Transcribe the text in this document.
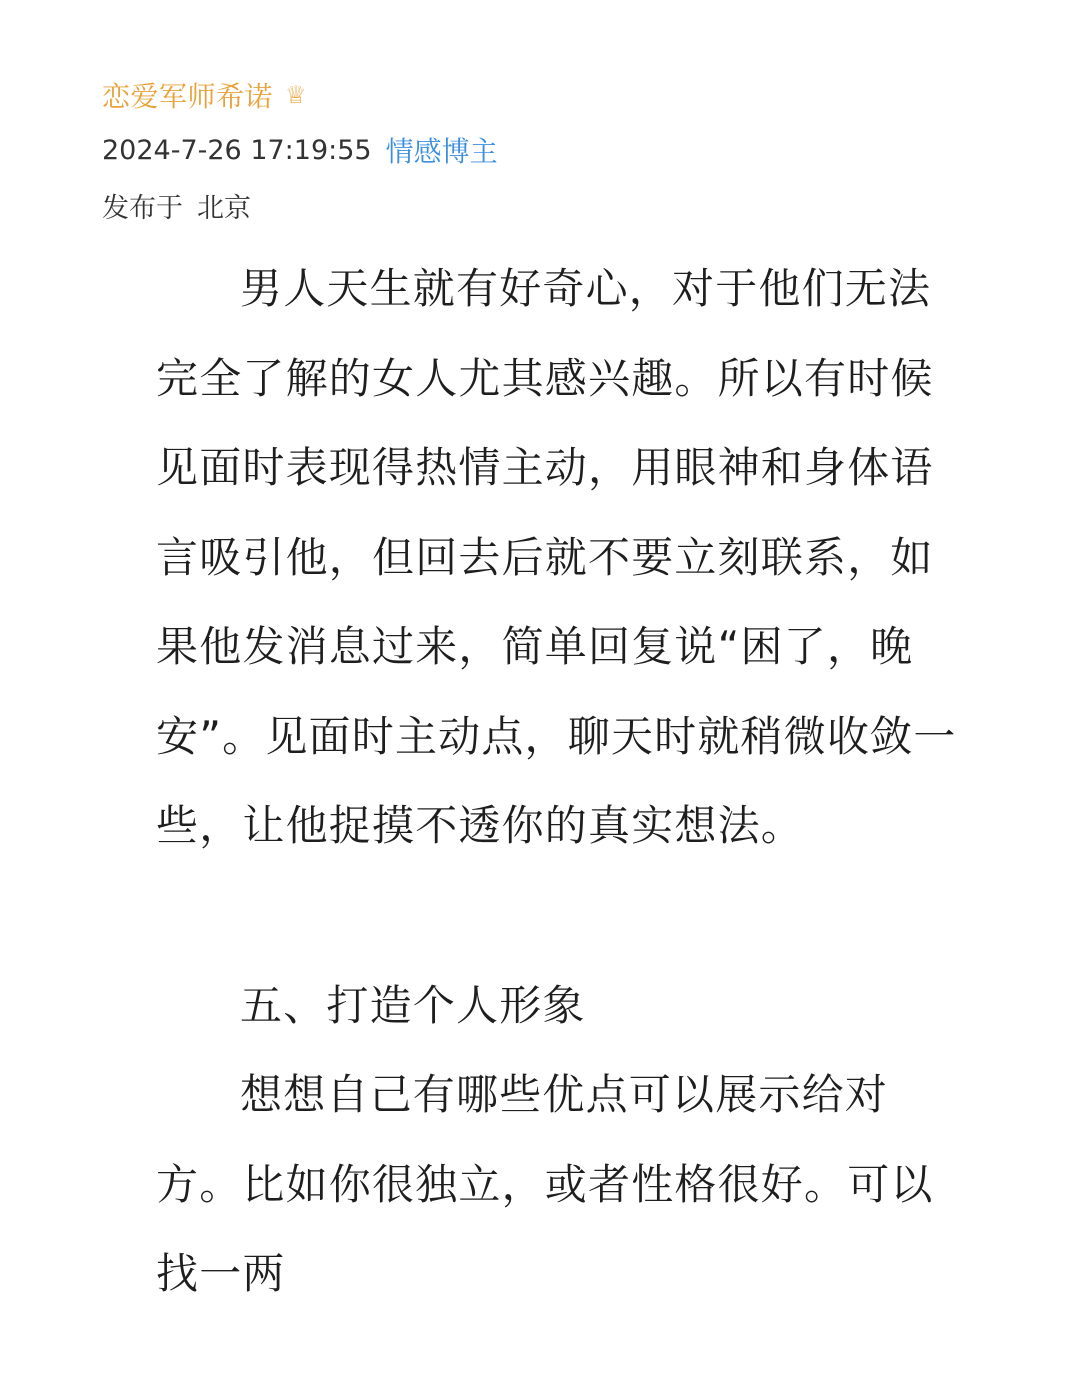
恋爱军师希诺 ♕
2024-7-26 17:19:55 情感博主
发布于 北京

男人天生就有好奇心，对于他们无法完全了解的女人尤其感兴趣。所以有时候见面时表现得热情主动，用眼神和身体语言吸引他，但回去后就不要立刻联系，如果他发消息过来，简单回复说“困了，晚安”。见面时主动点，聊天时就稍微收敛一些，让他捉摸不透你的真实想法。

五、打造个人形象

想想自己有哪些优点可以展示给对方。比如你很独立，或者性格很好。可以找一两
